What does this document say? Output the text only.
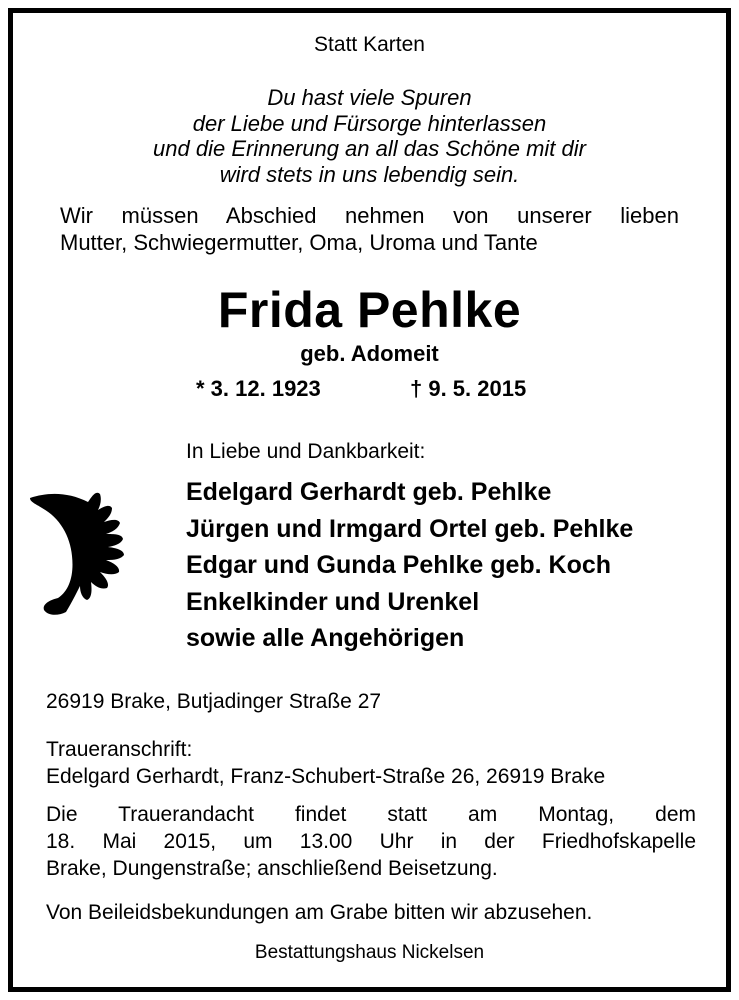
Statt Karten
Du hast viele Spuren
der Liebe und Fürsorge hinterlassen
und die Erinnerung an all das Schöne mit dir
wird stets in uns lebendig sein.
Wir müssen Abschied nehmen von unserer lieben
Mutter, Schwiegermutter, Oma, Uroma und Tante
Frida Pehlke
geb. Adomeit
* 3. 12. 1923	† 9. 5. 2015
In Liebe und Dankbarkeit:
Edelgard Gerhardt geb. Pehlke
Jürgen und Irmgard Ortel geb. Pehlke
Edgar und Gunda Pehlke geb. Koch
Enkelkinder und Urenkel
sowie alle Angehörigen
26919 Brake, Butjadinger Straße 27
Traueranschrift:
Edelgard Gerhardt, Franz-Schubert-Straße 26, 26919 Brake
Die Trauerandacht findet statt am Montag, dem
18. Mai 2015, um 13.00 Uhr in der Friedhofskapelle
Brake, Dungenstraße; anschließend Beisetzung.
Von Beileidsbekundungen am Grabe bitten wir abzusehen.
Bestattungshaus Nickelsen
